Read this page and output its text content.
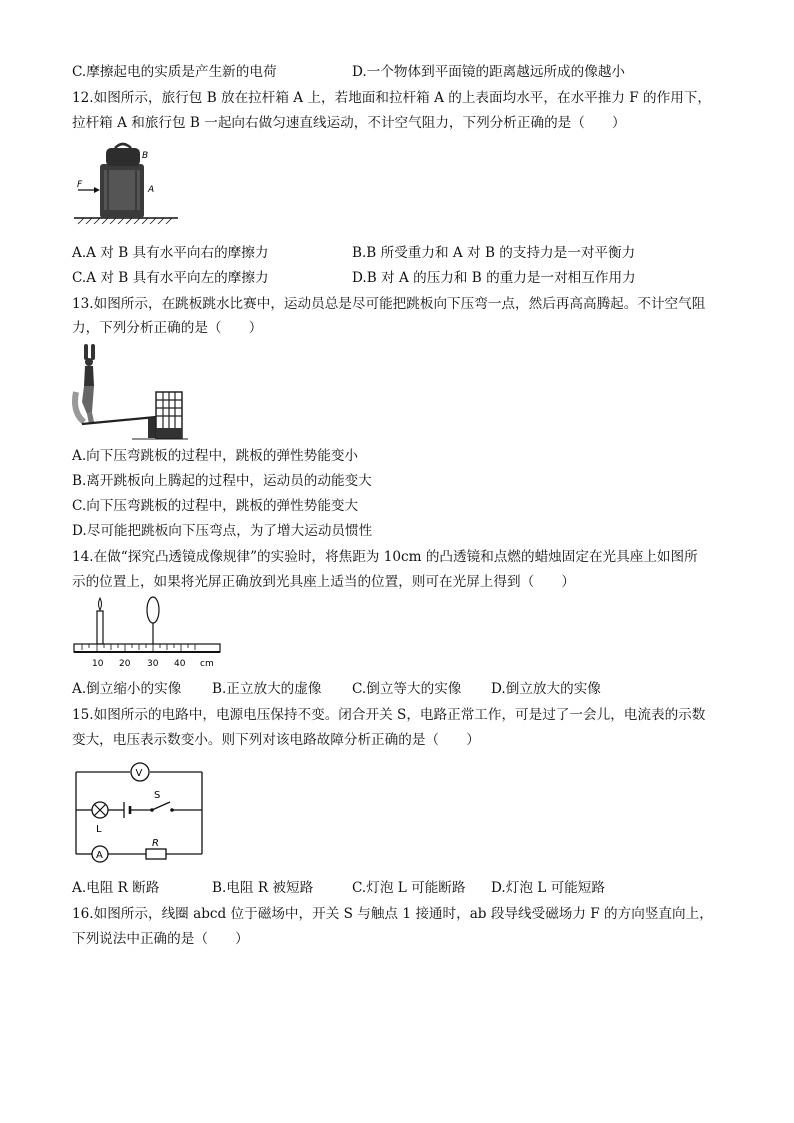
C.摩擦起电的实质是产生新的电荷	D.一个物体到平面镜的距离越远所成的像越小
12.如图所示，旅行包 B 放在拉杆箱 A 上，若地面和拉杆箱 A 的上表面均水平，在水平推力 F 的作用下，
拉杆箱 A 和旅行包 B 一起向右做匀速直线运动，不计空气阻力，下列分析正确的是（　　）
F
B
A
A.A 对 B 具有水平向右的摩擦力	B.B 所受重力和 A 对 B 的支持力是一对平衡力
C.A 对 B 具有水平向左的摩擦力	D.B 对 A 的压力和 B 的重力是一对相互作用力
13.如图所示，在跳板跳水比赛中，运动员总是尽可能把跳板向下压弯一点，然后再高高腾起。不计空气阻
力，下列分析正确的是（　　）
A.向下压弯跳板的过程中，跳板的弹性势能变小
B.离开跳板向上腾起的过程中，运动员的动能变大
C.向下压弯跳板的过程中，跳板的弹性势能变大
D.尽可能把跳板向下压弯点，为了增大运动员惯性
14.在做“探究凸透镜成像规律”的实验时，将焦距为 10cm 的凸透镜和点燃的蜡烛固定在光具座上如图所
示的位置上，如果将光屏正确放到光具座上适当的位置，则可在光屏上得到（　　）
10 20 30 40 cm
A.倒立缩小的实像 B.正立放大的虚像 C.倒立等大的实像 D.倒立放大的实像
15.如图所示的电路中，电源电压保持不变。闭合开关 S，电路正常工作，可是过了一会儿，电流表的示数
变大，电压表示数变小。则下列对该电路故障分析正确的是（　　）
V
L
S
A
R
A.电阻 R 断路	B.电阻 R 被短路	C.灯泡 L 可能断路 D.灯泡 L 可能短路
16.如图所示，线圈 abcd 位于磁场中，开关 S 与触点 1 接通时，ab 段导线受磁场力 F 的方向竖直向上，
下列说法中正确的是（　　）
